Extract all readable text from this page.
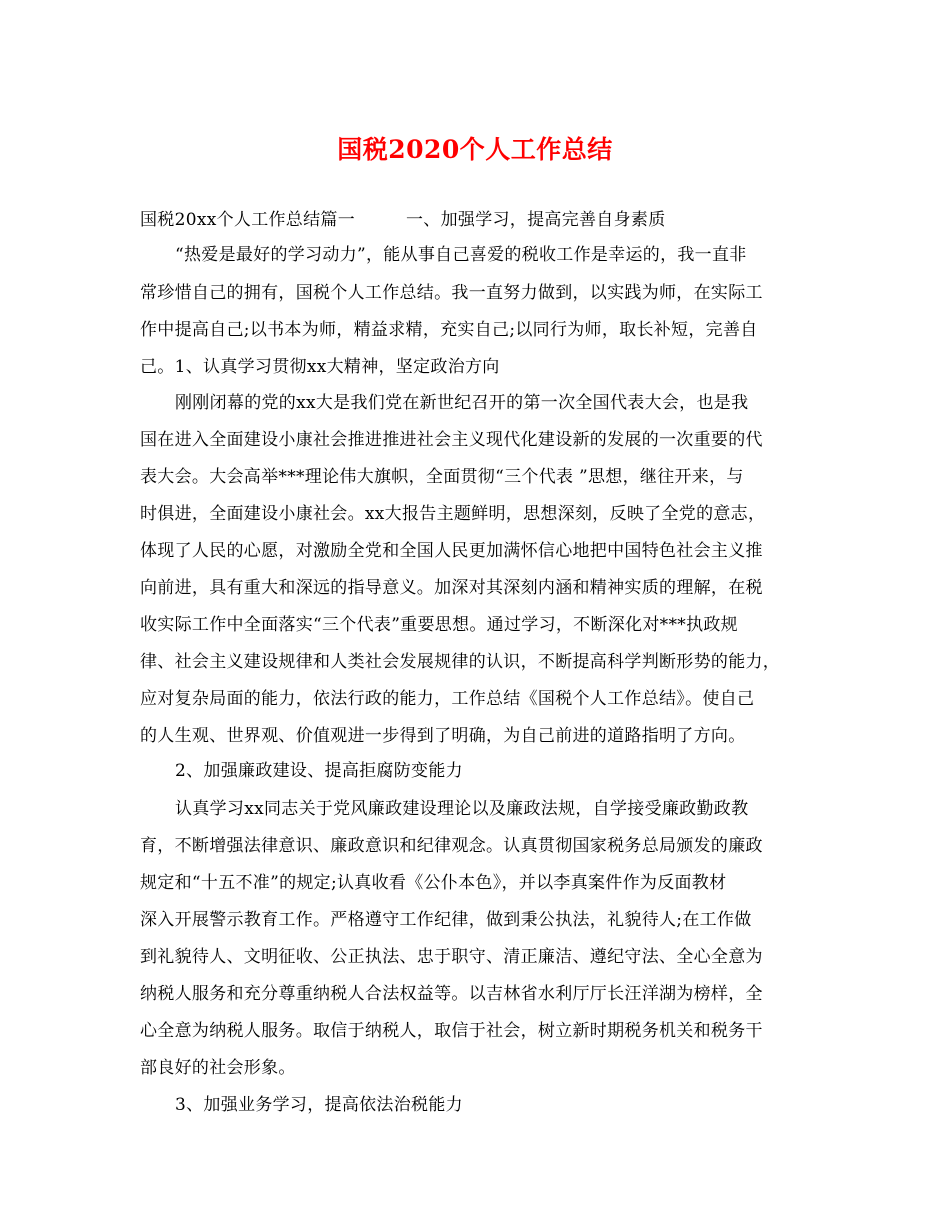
国税2020个人工作总结
国税20xx个人工作总结篇一	一、加强学习，提高完善自身素质
“热爱是最好的学习动力”，能从事自己喜爱的税收工作是幸运的，我一直非
常珍惜自己的拥有，国税个人工作总结。我一直努力做到，以实践为师，在实际工
作中提高自己;以书本为师，精益求精，充实自己;以同行为师，取长补短，完善自
己。1、认真学习贯彻xx大精神，坚定政治方向
刚刚闭幕的党的xx大是我们党在新世纪召开的第一次全国代表大会，也是我
国在进入全面建设小康社会推进推进社会主义现代化建设新的发展的一次重要的代
表大会。大会高举***理论伟大旗帜，全面贯彻“三个代表 ”思想，继往开来，与
时俱进，全面建设小康社会。xx大报告主题鲜明，思想深刻，反映了全党的意志，
体现了人民的心愿，对激励全党和全国人民更加满怀信心地把中国特色社会主义推
向前进，具有重大和深远的指导意义。加深对其深刻内涵和精神实质的理解，在税
收实际工作中全面落实“三个代表”重要思想。通过学习，不断深化对***执政规
律、社会主义建设规律和人类社会发展规律的认识，不断提高科学判断形势的能力，
应对复杂局面的能力，依法行政的能力，工作总结《国税个人工作总结》。使自己
的人生观、世界观、价值观进一步得到了明确，为自己前进的道路指明了方向。
2、加强廉政建设、提高拒腐防变能力
认真学习xx同志关于党风廉政建设理论以及廉政法规，自学接受廉政勤政教
育，不断增强法律意识、廉政意识和纪律观念。认真贯彻国家税务总局颁发的廉政
规定和“十五不准”的规定;认真收看《公仆本色》，并以李真案件作为反面教材
深入开展警示教育工作。严格遵守工作纪律，做到秉公执法，礼貌待人;在工作做
到礼貌待人、文明征收、公正执法、忠于职守、清正廉洁、遵纪守法、全心全意为
纳税人服务和充分尊重纳税人合法权益等。以吉林省水利厅厅长汪洋湖为榜样，全
心全意为纳税人服务。取信于纳税人，取信于社会，树立新时期税务机关和税务干
部良好的社会形象。
3、加强业务学习，提高依法治税能力
